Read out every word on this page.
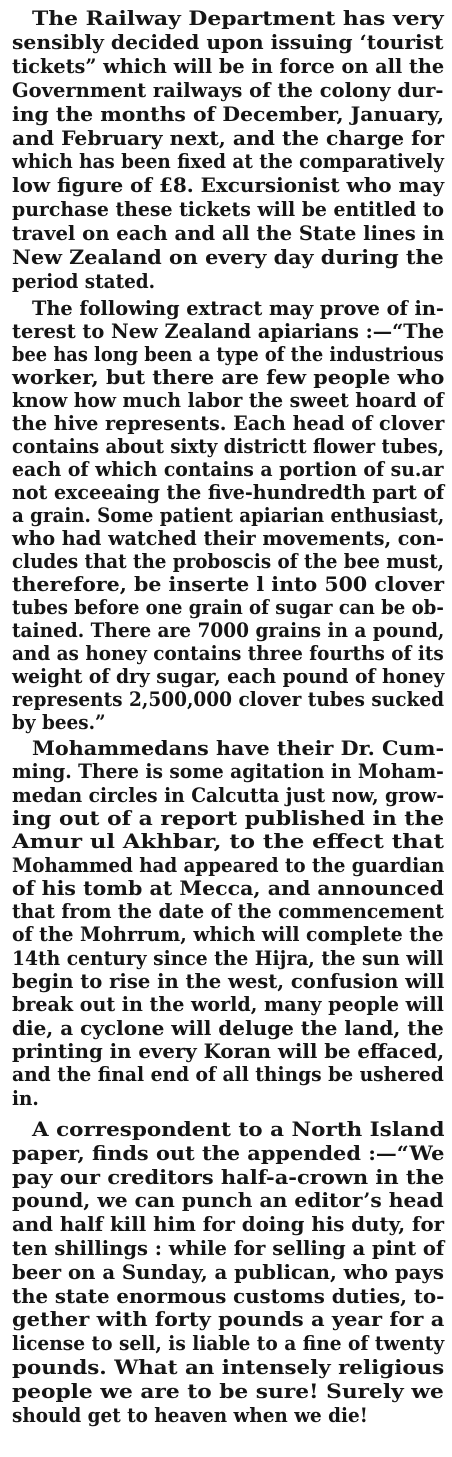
The Railway Department has very
sensibly decided upon issuing ‘tourist
tickets” which will be in force on all the
Government railways of the colony dur-
ing the months of December, January,
and February next, and the charge for
which has been fixed at the comparatively
low figure of £8. Excursionist who may
purchase these tickets will be entitled to
travel on each and all the State lines in
New Zealand on every day during the
period stated.
The following extract may prove of in-
terest to New Zealand apiarians :—“The
bee has long been a type of the industrious
worker, but there are few people who
know how much labor the sweet hoard of
the hive represents. Each head of clover
contains about sixty districtt flower tubes,
each of which contains a portion of su.ar
not exceeaing the five-hundredth part of
a grain. Some patient apiarian enthusiast,
who had watched their movements, con-
cludes that the proboscis of the bee must,
therefore, be inserte l into 500 clover
tubes before one grain of sugar can be ob-
tained. There are 7000 grains in a pound,
and as honey contains three fourths of its
weight of dry sugar, each pound of honey
represents 2,500,000 clover tubes sucked
by bees.”
Mohammedans have their Dr. Cum-
ming. There is some agitation in Moham-
medan circles in Calcutta just now, grow-
ing out of a report published in the
Amur ul Akhbar, to the effect that
Mohammed had appeared to the guardian
of his tomb at Mecca, and announced
that from the date of the commencement
of the Mohrrum, which will complete the
14th century since the Hijra, the sun will
begin to rise in the west, confusion will
break out in the world, many people will
die, a cyclone will deluge the land, the
printing in every Koran will be effaced,
and the final end of all things be ushered
in.
A correspondent to a North Island
paper, finds out the appended :—“We
pay our creditors half-a-crown in the
pound, we can punch an editor’s head
and half kill him for doing his duty, for
ten shillings : while for selling a pint of
beer on a Sunday, a publican, who pays
the state enormous customs duties, to-
gether with forty pounds a year for a
license to sell, is liable to a fine of twenty
pounds. What an intensely religious
people we are to be sure! Surely we
should get to heaven when we die!
